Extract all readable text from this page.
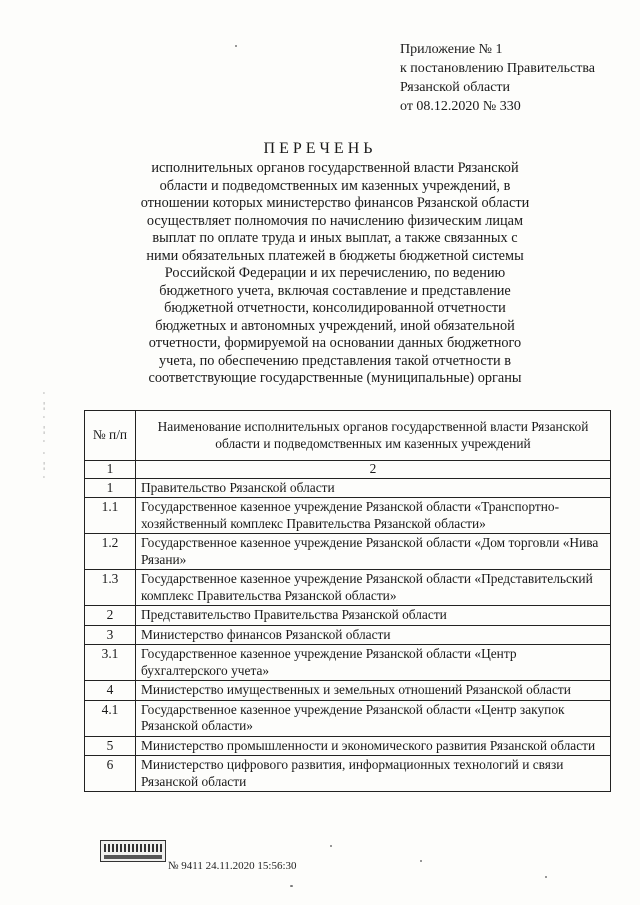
Приложение № 1
к постановлению Правительства
Рязанской области
от 08.12.2020 № 330
ПЕРЕЧЕНЬ
исполнительных органов государственной власти Рязанской области и подведомственных им казенных учреждений, в отношении которых министерство финансов Рязанской области осуществляет полномочия по начислению физическим лицам выплат по оплате труда и иных выплат, а также связанных с ними обязательных платежей в бюджеты бюджетной системы Российской Федерации и их перечислению, по ведению бюджетного учета, включая составление и представление бюджетной отчетности, консолидированной отчетности бюджетных и автономных учреждений, иной обязательной отчетности, формируемой на основании данных бюджетного учета, по обеспечению представления такой отчетности в соответствующие государственные (муниципальные) органы
·
¦
·
¦
·
·
¦
·
№ п/п	Наименование исполнительных органов государственной власти Рязанской области и подведомственных им казенных учреждений
1	2
1	Правительство Рязанской области
1.1	Государственное казенное учреждение Рязанской области «Транспортно-хозяйственный комплекс Правительства Рязанской области»
1.2	Государственное казенное учреждение Рязанской области «Дом торговли «Нива Рязани»
1.3	Государственное казенное учреждение Рязанской области «Представительский комплекс Правительства Рязанской области»
2	Представительство Правительства Рязанской области
3	Министерство финансов Рязанской области
3.1	Государственное казенное учреждение Рязанской области «Центр бухгалтерского учета»
4	Министерство имущественных и земельных отношений Рязанской области
4.1	Государственное казенное учреждение Рязанской области «Центр закупок Рязанской области»
5	Министерство промышленности и экономического развития Рязанской области
6	Министерство цифрового развития, информационных технологий и связи Рязанской области
№ 9411 24.11.2020 15:56:30
